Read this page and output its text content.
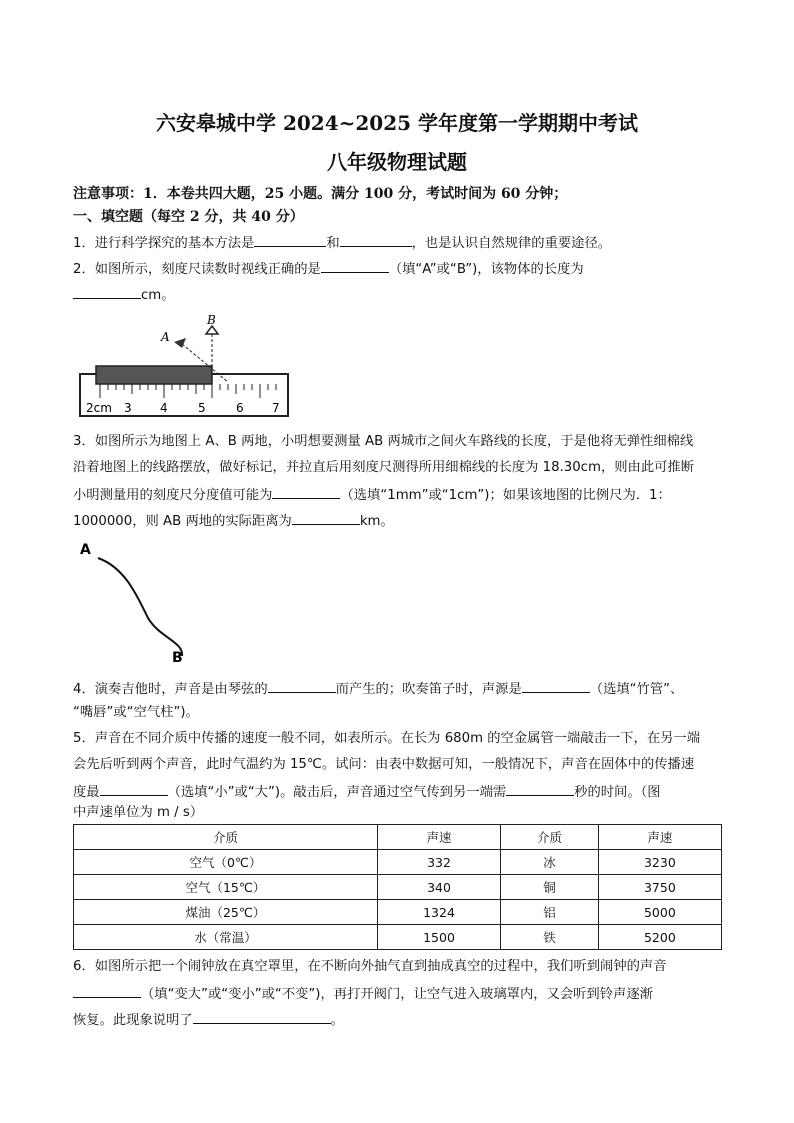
六安皋城中学 2024~2025 学年度第一学期期中考试
八年级物理试题
注意事项：1．本卷共四大题，25 小题。满分 100 分，考试时间为 60 分钟；
一、填空题（每空 2 分，共 40 分）
1．进行科学探究的基本方法是	和	，也是认识自然规律的重要途径。
2．如图所示，刻度尺读数时视线正确的是	（填“A”或“B”)，该物体的长度为
cm。
2cm 3 4	5	6 7
A
B
3．如图所示为地图上 A、B 两地，小明想要测量 AB 两城市之间火车路线的长度，于是他将无弹性细棉线
沿着地图上的线路摆放，做好标记，并拉直后用刻度尺测得所用细棉线的长度为 18.30cm，则由此可推断
小明测量用的刻度尺分度值可能为	（选填“1mm”或“1cm”)；如果该地图的比例尺为．1：
1000000，则 AB 两地的实际距离为	km。
A
B
4．演奏吉他时，声音是由琴弦的	而产生的；吹奏笛子时，声源是	（选填“竹管”、
“嘴唇”或“空气柱”)。
5．声音在不同介质中传播的速度一般不同，如表所示。在长为 680m 的空金属管一端敲击一下，在另一端
会先后听到两个声音，此时气温约为 15℃。试问：由表中数据可知，一般情况下，声音在固体中的传播速
度最	（选填“小”或“大”)。敲击后，声音通过空气传到另一端需	秒的时间。（图
中声速单位为 m / s）
介质	声速	介质	声速
空气（0℃）	332	冰	3230
空气（15℃）	340	铜	3750
煤油（25℃）	1324	铝	5000
水（常温）	1500	铁	5200
6．如图所示把一个闹钟放在真空罩里，在不断向外抽气直到抽成真空的过程中，我们听到闹钟的声音
（填“变大”或“变小”或“不变”)，再打开阀门，让空气进入玻璃罩内，又会听到铃声逐渐
恢复。此现象说明了	。
